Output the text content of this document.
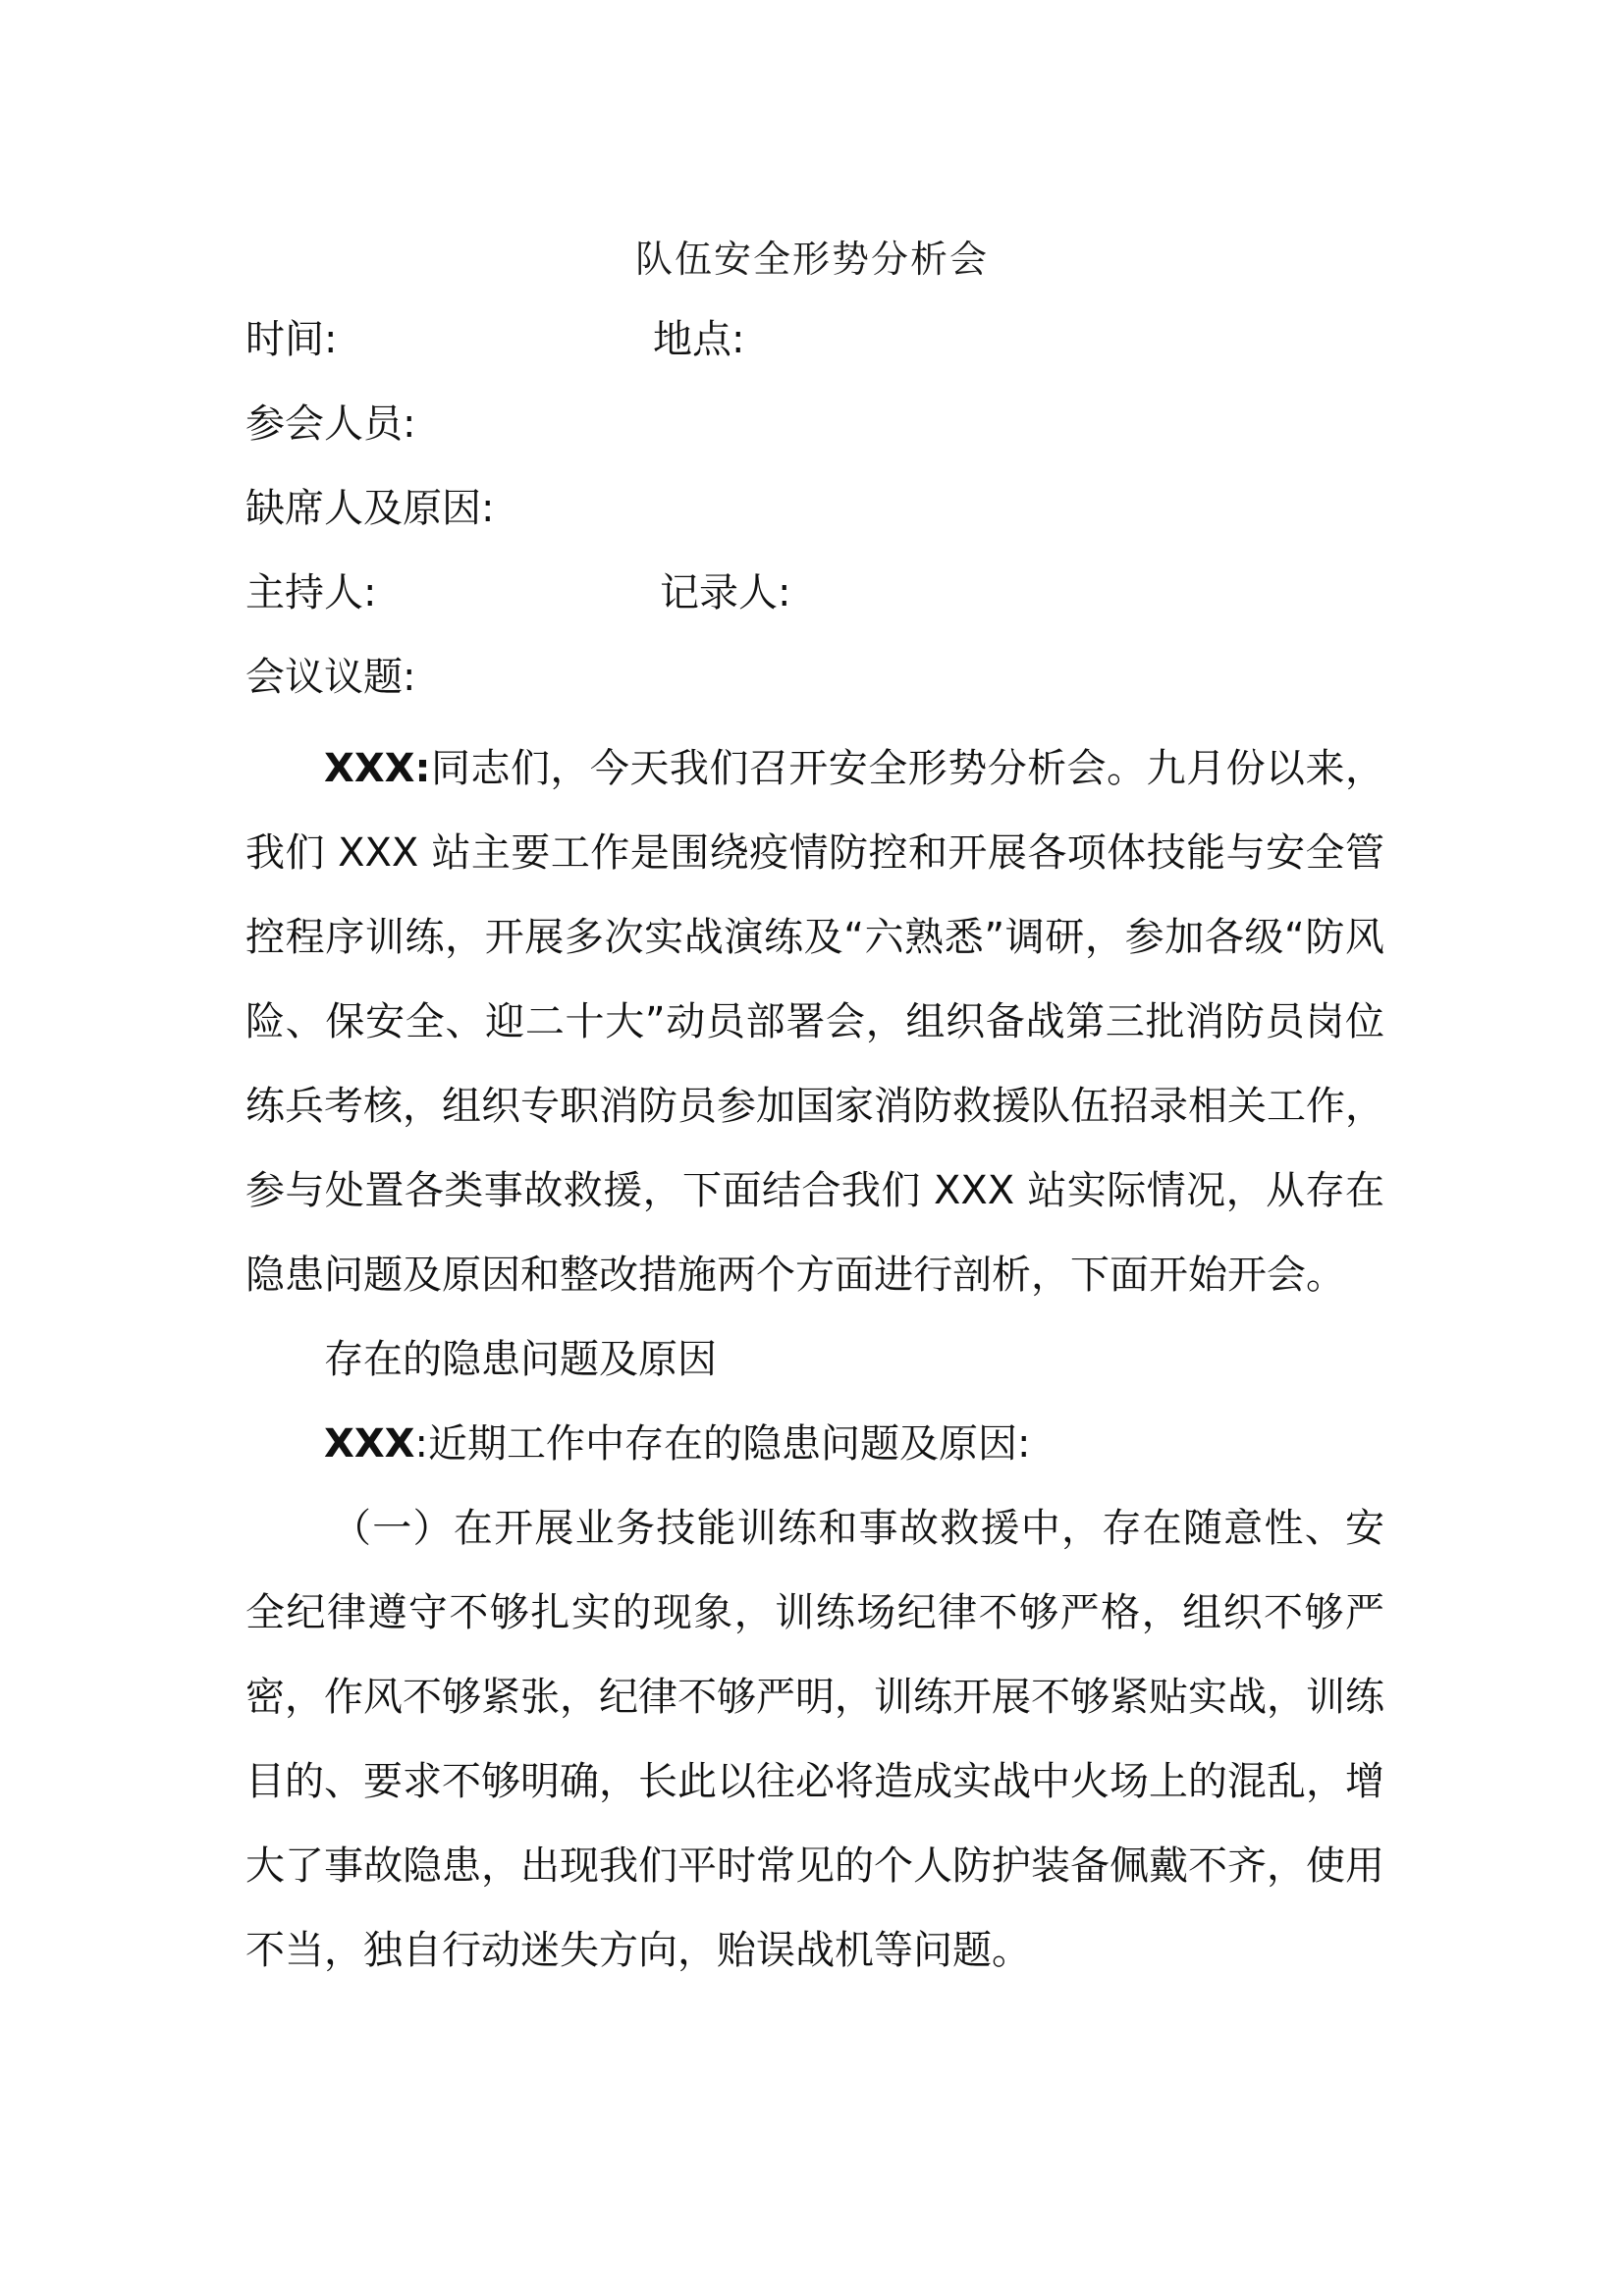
队伍安全形势分析会
时间:	地点:
参会人员:
缺席人及原因:
主持人:	记录人:
会议议题:

XXX:同志们，今天我们召开安全形势分析会。九月份以来，我们 XXX 站主要工作是围绕疫情防控和开展各项体技能与安全管控程序训练，开展多次实战演练及“六熟悉”调研，参加各级“防风险、保安全、迎二十大”动员部署会，组织备战第三批消防员岗位练兵考核，组织专职消防员参加国家消防救援队伍招录相关工作，参与处置各类事故救援，下面结合我们 XXX 站实际情况，从存在隐患问题及原因和整改措施两个方面进行剖析，下面开始开会。

存在的隐患问题及原因

XXX:近期工作中存在的隐患问题及原因:

（一）在开展业务技能训练和事故救援中，存在随意性、安全纪律遵守不够扎实的现象，训练场纪律不够严格，组织不够严密，作风不够紧张，纪律不够严明，训练开展不够紧贴实战，训练目的、要求不够明确，长此以往必将造成实战中火场上的混乱，增大了事故隐患，出现我们平时常见的个人防护装备佩戴不齐，使用不当，独自行动迷失方向，贻误战机等问题。
